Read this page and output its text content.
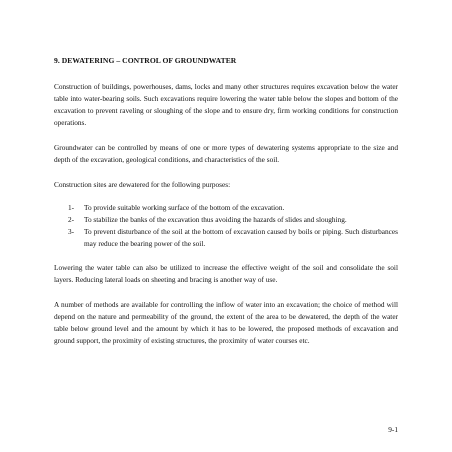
9. DEWATERING – CONTROL OF GROUNDWATER

Construction of buildings, powerhouses, dams, locks and many other structures requires excavation below the water table into water-bearing soils. Such excavations require lowering the water table below the slopes and bottom of the excavation to prevent raveling or sloughing of the slope and to ensure dry, firm working conditions for construction operations.

Groundwater can be controlled by means of one or more types of dewatering systems appropriate to the size and depth of the excavation, geological conditions, and characteristics of the soil.

Construction sites are dewatered for the following purposes:

1-	To provide suitable working surface of the bottom of the excavation.
2-	To stabilize the banks of the excavation thus avoiding the hazards of slides and sloughing.
3-	To prevent disturbance of the soil at the bottom of excavation caused by boils or piping. Such disturbances may reduce the bearing power of the soil.

Lowering the water table can also be utilized to increase the effective weight of the soil and consolidate the soil layers. Reducing lateral loads on sheeting and bracing is another way of use.

A number of methods are available for controlling the inflow of water into an excavation; the choice of method will depend on the nature and permeability of the ground, the extent of the area to be dewatered, the depth of the water table below ground level and the amount by which it has to be lowered, the proposed methods of excavation and ground support, the proximity of existing structures, the proximity of water courses etc.

9-1
